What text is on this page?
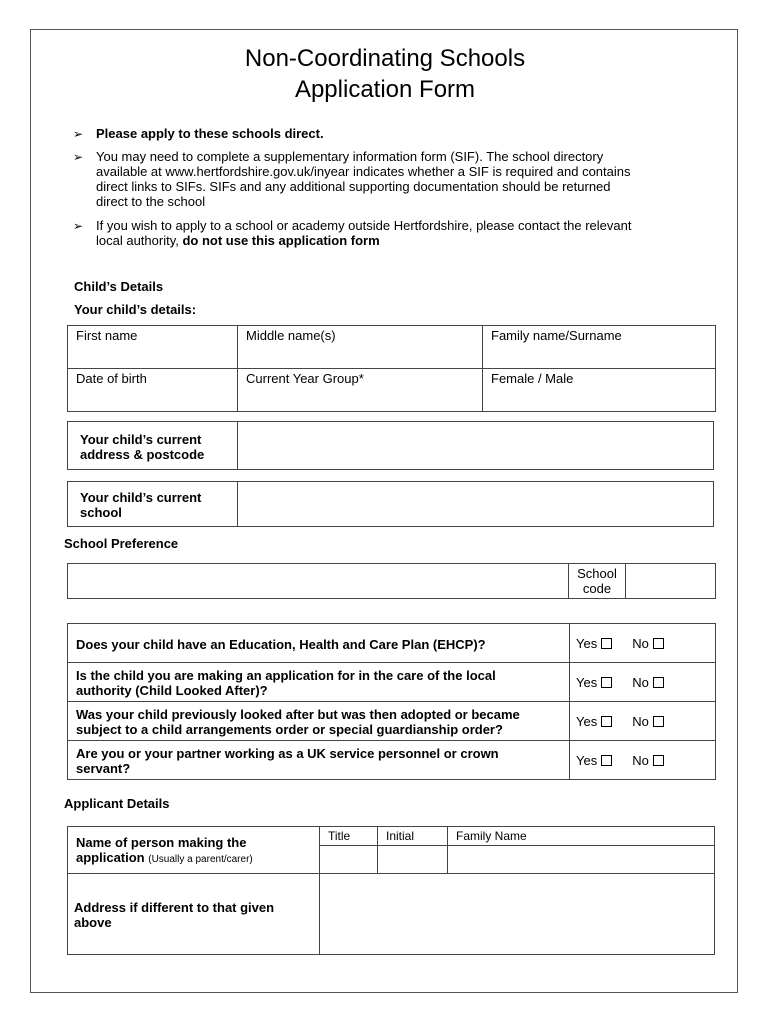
Non-Coordinating Schools
Application Form
➢ Please apply to these schools direct.
➢ You may need to complete a supplementary information form (SIF). The school directory
available at www.hertfordshire.gov.uk/inyear indicates whether a SIF is required and contains
direct links to SIFs. SIFs and any additional supporting documentation should be returned
direct to the school
➢ If you wish to apply to a school or academy outside Hertfordshire, please contact the relevant
local authority, do not use this application form
Child’s Details
Your child’s details:
First name	Middle name(s)	Family name/Surname
Date of birth	Current Year Group*	Female / Male
Your child’s current
address & postcode	
Your child’s current
school	
School Preference
	School
code	
Does your child have an Education, Health and Care Plan (EHCP)?	Yes No
Is the child you are making an application for in the care of the local
authority (Child Looked After)?	Yes No
Was your child previously looked after but was then adopted or became
subject to a child arrangements order or special guardianship order?	Yes No
Are you or your partner working as a UK service personnel or crown
servant?	Yes No
Applicant Details
Name of person making the
application (Usually a parent/carer)	Title	Initial	Family Name

Address if different to that given
above			
